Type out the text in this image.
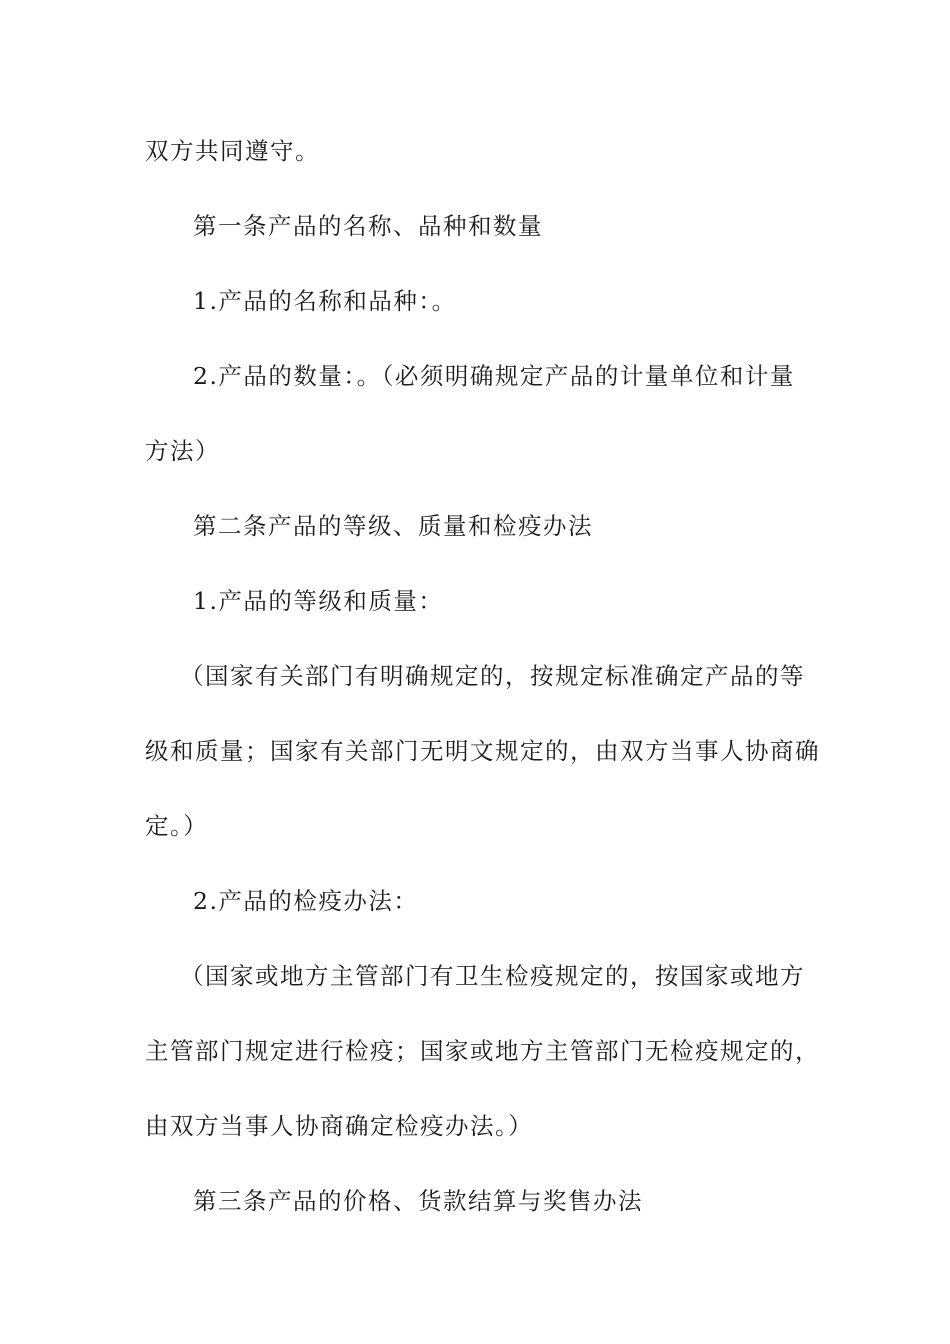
双方共同遵守。
第一条产品的名称、品种和数量
1.产品的名称和品种：。
2.产品的数量：。（必须明确规定产品的计量单位和计量
方法）
第二条产品的等级、质量和检疫办法
1.产品的等级和质量：
（国家有关部门有明确规定的，按规定标准确定产品的等
级和质量；国家有关部门无明文规定的，由双方当事人协商确
定。）
2.产品的检疫办法：
（国家或地方主管部门有卫生检疫规定的，按国家或地方
主管部门规定进行检疫；国家或地方主管部门无检疫规定的，
由双方当事人协商确定检疫办法。）
第三条产品的价格、货款结算与奖售办法
